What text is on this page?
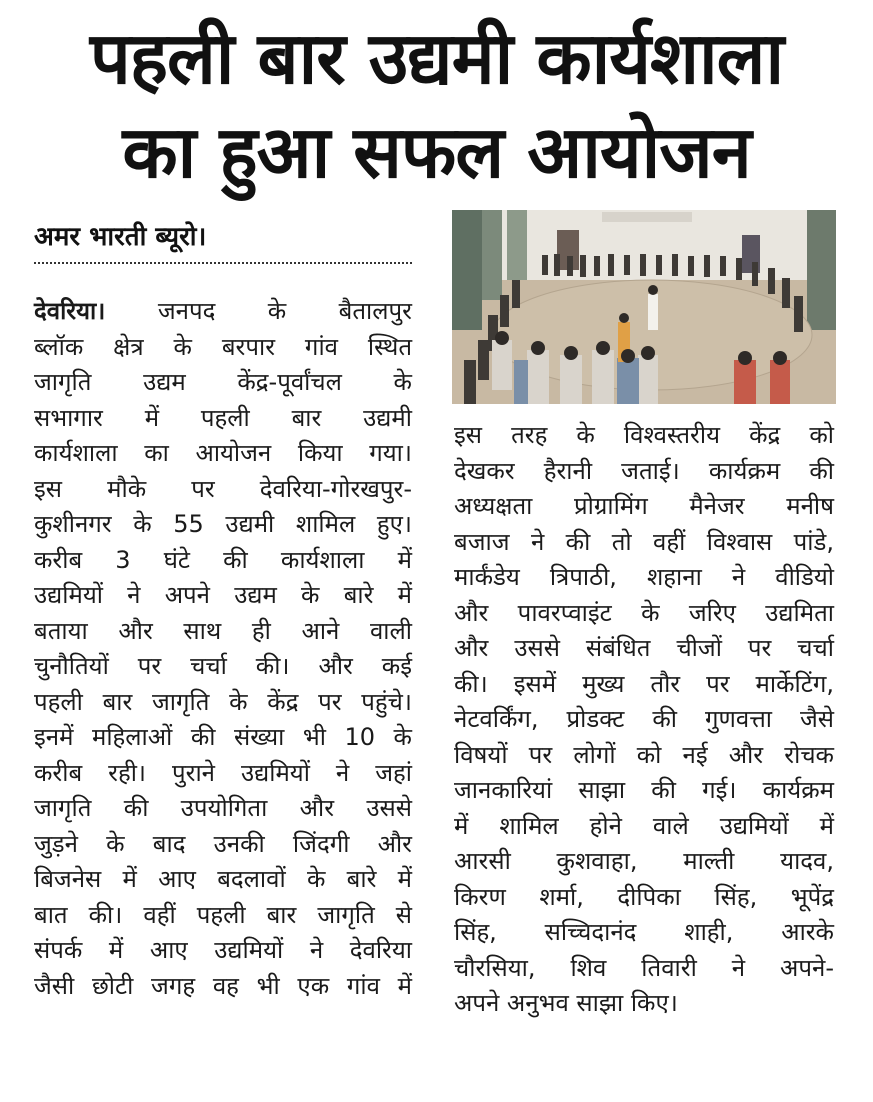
पहली बार उद्यमी कार्यशाला
का हुआ सफल आयोजन
अमर भारती ब्यूरो।
देवरिया। जनपद के बैतालपुर
ब्लॉक क्षेत्र के बरपार गांव स्थित
जागृति उद्यम केंद्र-पूर्वांचल के
सभागार में पहली बार उद्यमी
कार्यशाला का आयोजन किया गया।
इस मौके पर देवरिया-गोरखपुर-
कुशीनगर के 55 उद्यमी शामिल हुए।
करीब 3 घंटे की कार्यशाला में
उद्यमियों ने अपने उद्यम के बारे में
बताया और साथ ही आने वाली
चुनौतियों पर चर्चा की। और कई
पहली बार जागृति के केंद्र पर पहुंचे।
इनमें महिलाओं की संख्या भी 10 के
करीब रही। पुराने उद्यमियों ने जहां
जागृति की उपयोगिता और उससे
जुड़ने के बाद उनकी जिंदगी और
बिजनेस में आए बदलावों के बारे में
बात की। वहीं पहली बार जागृति से
संपर्क में आए उद्यमियों ने देवरिया
जैसी छोटी जगह वह भी एक गांव में
इस तरह के विश्वस्तरीय केंद्र को
देखकर हैरानी जताई। कार्यक्रम की
अध्यक्षता प्रोग्रामिंग मैनेजर मनीष
बजाज ने की तो वहीं विश्वास पांडे,
मार्कंडेय त्रिपाठी, शहाना ने वीडियो
और पावरप्वाइंट के जरिए उद्यमिता
और उससे संबंधित चीजों पर चर्चा
की। इसमें मुख्य तौर पर मार्केटिंग,
नेटवर्किंग, प्रोडक्ट की गुणवत्ता जैसे
विषयों पर लोगों को नई और रोचक
जानकारियां साझा की गई। कार्यक्रम
में शामिल होने वाले उद्यमियों में
आरसी कुशवाहा, माल्ती यादव,
किरण शर्मा, दीपिका सिंह, भूपेंद्र
सिंह, सच्चिदानंद शाही, आरके
चौरसिया, शिव तिवारी ने अपने-
अपने अनुभव साझा किए।
